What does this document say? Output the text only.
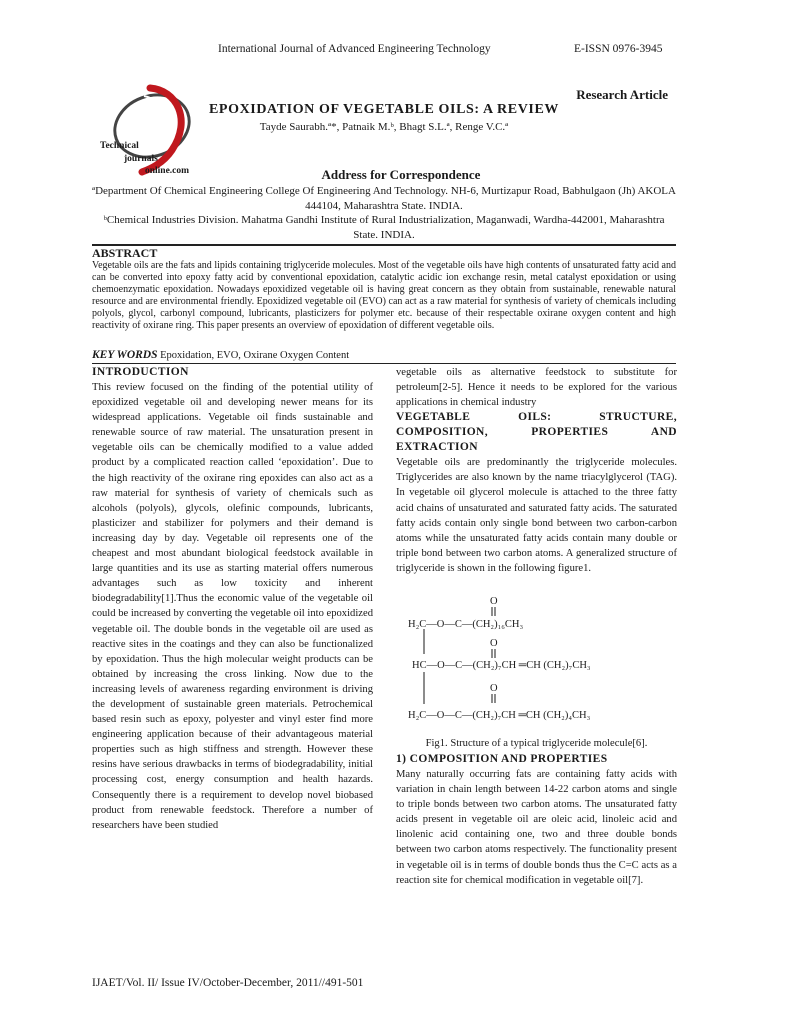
International Journal of Advanced Engineering Technology	E-ISSN 0976-3945
Technical
journals
online.com
Research Article
EPOXIDATION OF VEGETABLE OILS: A REVIEW
Tayde Saurabh.ª*, Patnaik M.ᵇ, Bhagt S.L.ª, Renge V.C.ª
Address for Correspondence
ªDepartment Of Chemical Engineering College Of Engineering And Technology. NH-6, Murtizapur Road, Babhulgaon (Jh) AKOLA 444104, Maharashtra State. INDIA.
ᵇChemical Industries Division. Mahatma Gandhi Institute of Rural Industrialization, Maganwadi, Wardha-442001, Maharashtra State. INDIA.
ABSTRACT
Vegetable oils are the fats and lipids containing triglyceride molecules. Most of the vegetable oils have high contents of unsaturated fatty acid and can be converted into epoxy fatty acid by conventional epoxidation, catalytic acidic ion exchange resin, metal catalyst epoxidation or using chemoenzymatic epoxidation. Nowadays epoxidized vegetable oil is having great concern as they obtain from sustainable, renewable natural resource and are environmental friendly. Epoxidized vegetable oil (EVO) can act as a raw material for synthesis of variety of chemicals including polyols, glycol, carbonyl compound, lubricants, plasticizers for polymer etc. because of their respectable oxirane oxygen content and high reactivity of oxirane ring. This paper presents an overview of epoxidation of different vegetable oils.
KEY WORDS Epoxidation, EVO, Oxirane Oxygen Content
INTRODUCTION
This review focused on the finding of the potential utility of epoxidized vegetable oil and developing newer means for its widespread applications. Vegetable oil finds sustainable and renewable source of raw material. The unsaturation present in vegetable oils can be chemically modified to a value added product by a complicated reaction called ‘epoxidation’. Due to the high reactivity of the oxirane ring epoxides can also act as a raw material for synthesis of variety of chemicals such as alcohols (polyols), glycols, olefinic compounds, lubricants, plasticizer and stabilizer for polymers and their demand is increasing day by day. Vegetable oil represents one of the cheapest and most abundant biological feedstock available in large quantities and its use as starting material offers numerous advantages such as low toxicity and inherent biodegradability[1].Thus the economic value of the vegetable oil could be increased by converting the vegetable oil into epoxidized vegetable oil. The double bonds in the vegetable oil are used as reactive sites in the coatings and they can also be functionalized by epoxidation. Thus the high molecular weight products can be obtained by increasing the cross linking. Now due to the increasing levels of awareness regarding environment is driving the development of sustainable green materials. Petrochemical based resin such as epoxy, polyester and vinyl ester find more engineering application because of their advantageous material properties such as high stiffness and strength. However these resins have serious drawbacks in terms of biodegradability, initial processing cost, energy consumption and health hazards. Consequently there is a requirement to develop novel biobased product from renewable feedstock. Therefore a number of researchers have been studied
vegetable oils as alternative feedstock to substitute for petroleum[2-5]. Hence it needs to be explored for the various applications in chemical industry
VEGETABLE OILS: STRUCTURE, COMPOSITION, PROPERTIES AND EXTRACTION
Vegetable oils are predominantly the triglyceride molecules. Triglycerides are also known by the name triacylglycerol (TAG). In vegetable oil glycerol molecule is attached to the three fatty acid chains of unsaturated and saturated fatty acids. The saturated fatty acids contain only single bond between two carbon-carbon atoms while the unsaturated fatty acids contain many double or triple bond between two carbon atoms. A generalized structure of triglyceride is shown in the following figure1.
O
H₂C—O—C—(CH₂)₁₆CH₃
O
HC—O—C—(CH₂)₇CH ═CH (CH₂)₇CH₃
O
H₂C—O—C—(CH₂)₇CH ═CH (CH₂)₄CH₃
Fig1. Structure of a typical triglyceride molecule[6].
1) COMPOSITION AND PROPERTIES
Many naturally occurring fats are containing fatty acids with variation in chain length between 14-22 carbon atoms and single to triple bonds between two carbon atoms. The unsaturated fatty acids present in vegetable oil are oleic acid, linoleic acid and linolenic acid containing one, two and three double bonds between two carbon atoms respectively. The functionality present in vegetable oil is in terms of double bonds thus the C=C acts as a reaction site for chemical modification in vegetable oil[7].
IJAET/Vol. II/ Issue IV/October-December, 2011//491-501
